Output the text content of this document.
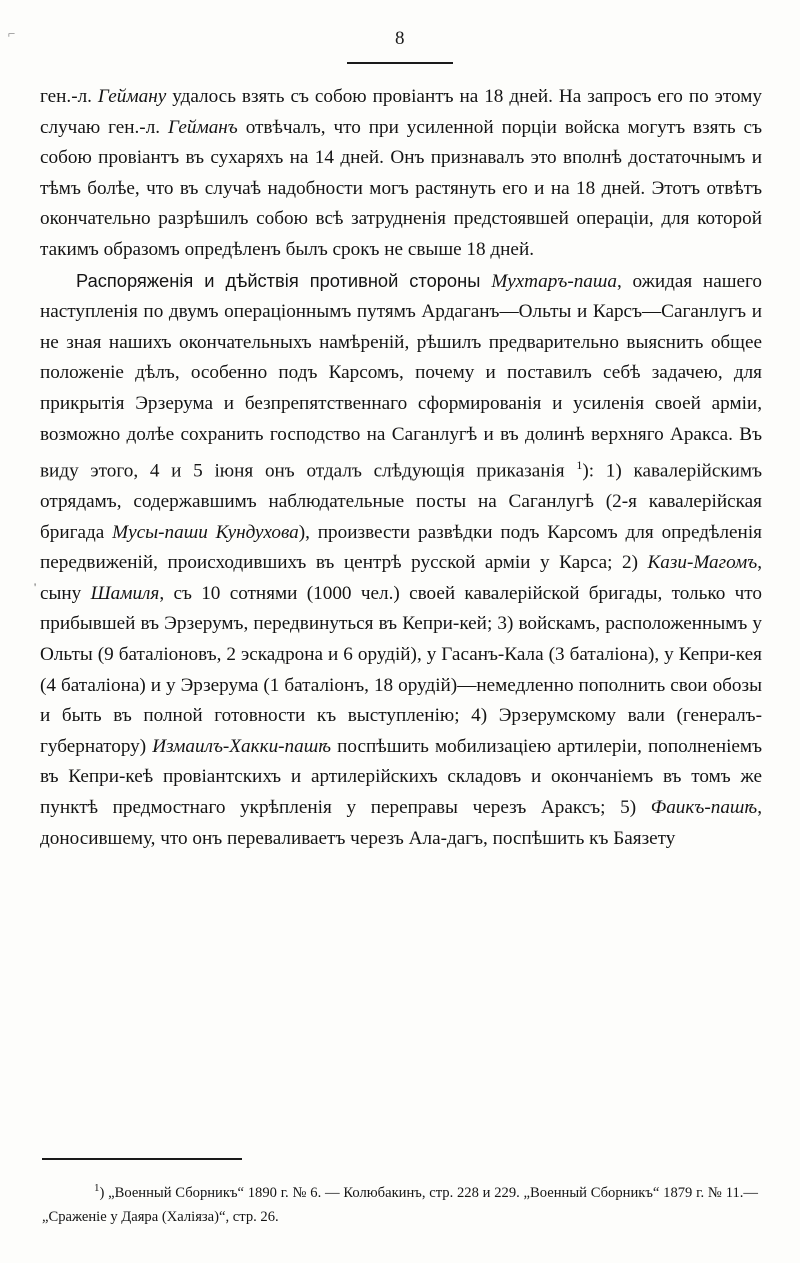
⌐
'
8

ген.-л. Гейману удалось взять съ собою провіантъ на 18 дней. На запросъ его по этому случаю ген.-л. Гейманъ отвѣчалъ, что при усиленной порціи войска могутъ взять съ собою провіантъ въ сухаряхъ на 14 дней. Онъ признавалъ это вполнѣ достаточнымъ и тѣмъ болѣе, что въ случаѣ надобности могъ растянуть его и на 18 дней. Этотъ отвѣтъ окончательно разрѣшилъ собою всѣ затрудненія предстоявшей операціи, для которой такимъ образомъ опредѣленъ былъ срокъ не свыше 18 дней.

Распоряженія и дѣйствія противной стороны Мухтаръ-паша, ожидая нашего наступленія по двумъ операціоннымъ путямъ Ардаганъ—Ольты и Карсъ—Саганлугъ и не зная нашихъ окончательныхъ намѣреній, рѣшилъ предварительно выяснить общее положеніе дѣлъ, особенно подъ Карсомъ, почему и поставилъ себѣ задачею, для прикрытія Эрзерума и безпрепятственнаго сформированія и усиленія своей арміи, возможно долѣе сохранить господство на Саганлугѣ и въ долинѣ верхняго Аракса. Въ виду этого, 4 и 5 іюня онъ отдалъ слѣдующія приказанія $^1$): 1) кавалерійскимъ отрядамъ, содержавшимъ наблюдательные посты на Саганлугѣ (2-я кавалерійская бригада Мусы-паши Кундухова), произвести развѣдки подъ Карсомъ для опредѣленія передвиженій, происходившихъ въ центрѣ русской арміи у Карса; 2) Кази-Магомъ, сыну Шамиля, съ 10 сотнями (1000 чел.) своей кавалерійской бригады, только что прибывшей въ Эрзерумъ, передвинуться въ Кепри-кей; 3) войскамъ, расположеннымъ у Ольты (9 баталіоновъ, 2 эскадрона и 6 орудій), у Гасанъ-Кала (3 баталіона), у Кепри-кея (4 баталіона) и у Эрзерума (1 баталіонъ, 18 орудій)—немедленно пополнить свои обозы и быть въ полной готовности къ выступленію; 4) Эрзерумскому вали (генералъ-губернатору) Измаилъ-Хакки-пашѣ поспѣшить мобилизаціею артилеріи, пополненіемъ въ Кепри-кеѣ провіантскихъ и артилерійскихъ складовъ и окончаніемъ въ томъ же пунктѣ предмостнаго укрѣпленія у переправы черезъ Араксъ; 5) Фаикъ-пашѣ, доносившему, что онъ переваливаетъ черезъ Ала-дагъ, поспѣшить къ Баязету

$^1$) „Военный Сборникъ“ 1890 г. № 6. — Колюбакинъ, стр. 228 и 229. „Военный Сборникъ“ 1879 г. № 11.—„Сраженіе у Даяра (Халіяза)“, стр. 26.
